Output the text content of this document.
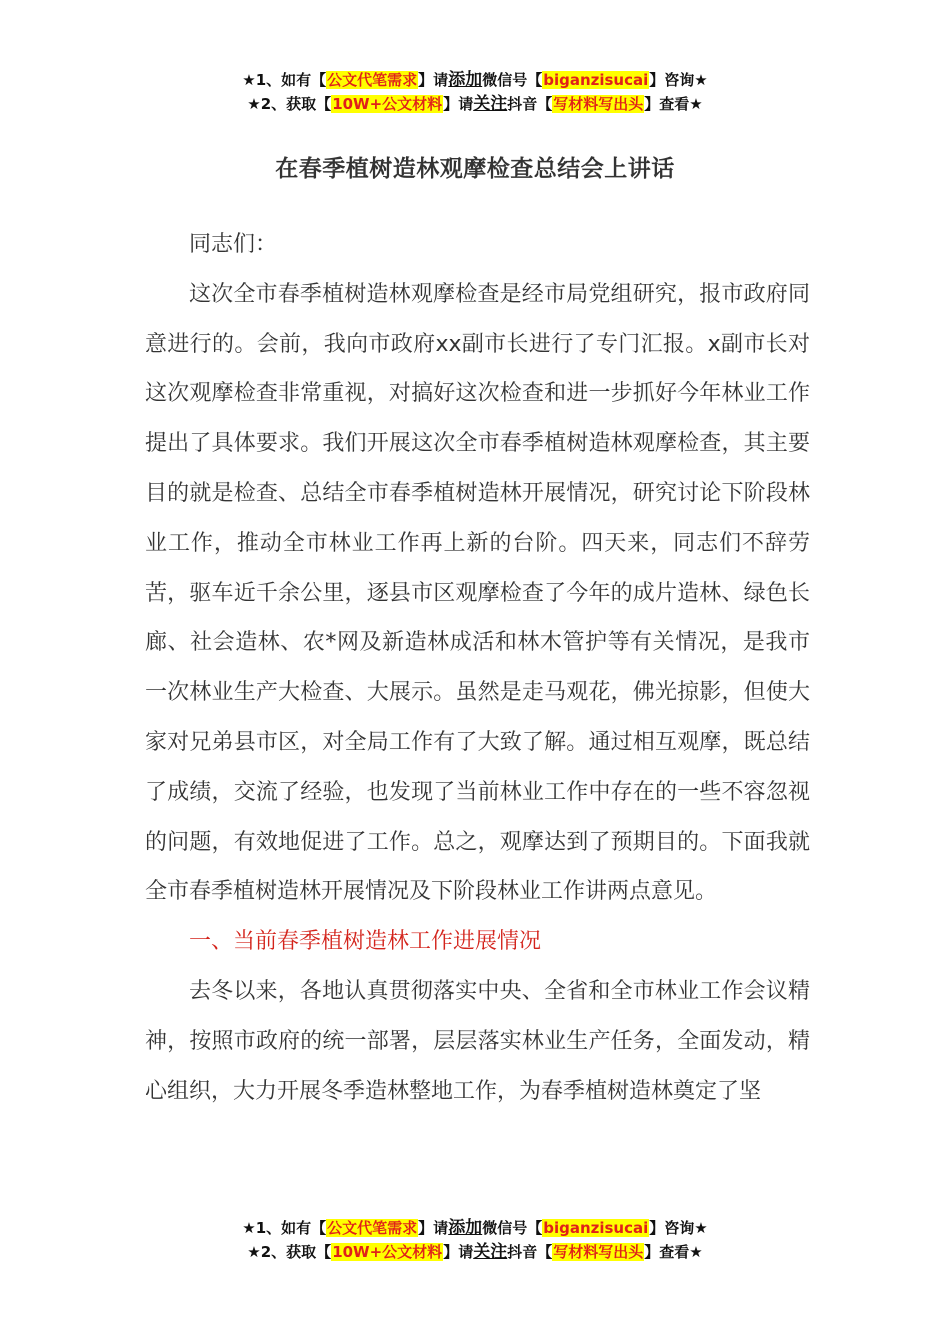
★1、如有【公文代笔需求】请添加微信号【biganzisucai】咨询★
★2、获取【10W+公文材料】请关注抖音【写材料写出头】查看★
在春季植树造林观摩检查总结会上讲话

同志们：

这次全市春季植树造林观摩检查是经市局党组研究，报市政府同意进行的。会前，我向市政府xx副市长进行了专门汇报。x副市长对这次观摩检查非常重视，对搞好这次检查和进一步抓好今年林业工作提出了具体要求。我们开展这次全市春季植树造林观摩检查，其主要目的就是检查、总结全市春季植树造林开展情况，研究讨论下阶段林业工作，推动全市林业工作再上新的台阶。四天来，同志们不辞劳苦，驱车近千余公里，逐县市区观摩检查了今年的成片造林、绿色长廊、社会造林、农*网及新造林成活和林木管护等有关情况，是我市一次林业生产大检查、大展示。虽然是走马观花，佛光掠影，但使大家对兄弟县市区，对全局工作有了大致了解。通过相互观摩，既总结了成绩，交流了经验，也发现了当前林业工作中存在的一些不容忽视的问题，有效地促进了工作。总之，观摩达到了预期目的。下面我就全市春季植树造林开展情况及下阶段林业工作讲两点意见。

一、当前春季植树造林工作进展情况

去冬以来，各地认真贯彻落实中央、全省和全市林业工作会议精神，按照市政府的统一部署，层层落实林业生产任务，全面发动，精心组织，大力开展冬季造林整地工作，为春季植树造林奠定了坚

★1、如有【公文代笔需求】请添加微信号【biganzisucai】咨询★
★2、获取【10W+公文材料】请关注抖音【写材料写出头】查看★
